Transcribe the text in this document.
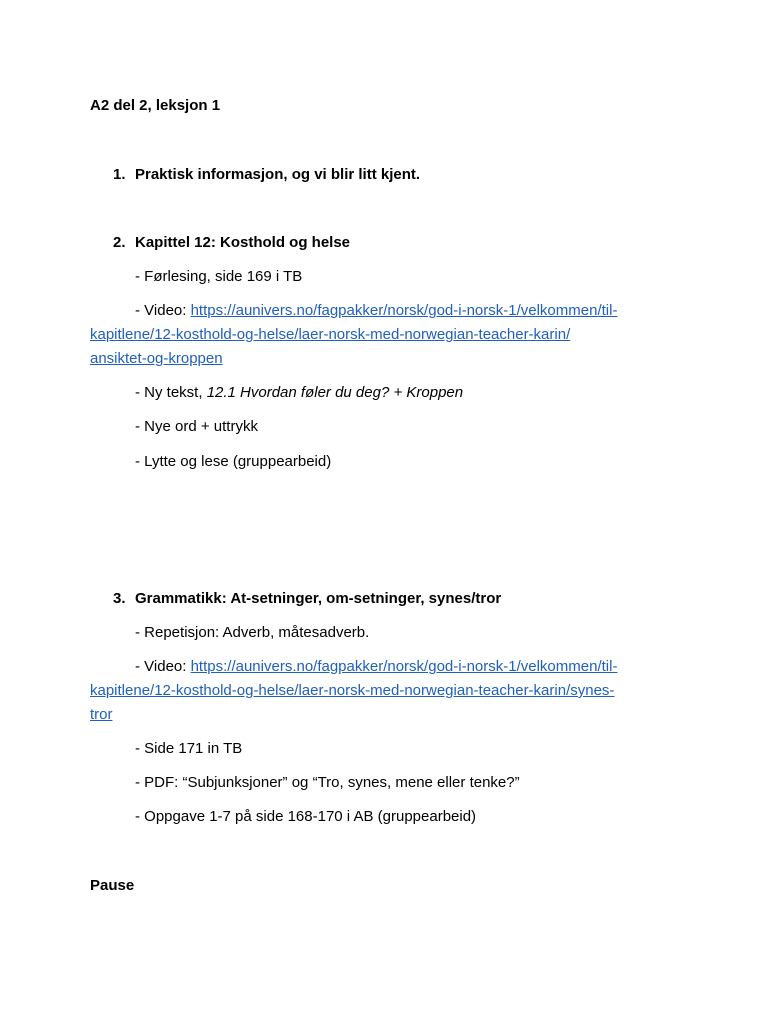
A2 del 2, leksjon 1
1. Praktisk informasjon, og vi blir litt kjent.
2. Kapittel 12: Kosthold og helse
- Førlesing, side 169 i TB
- Video: https://aunivers.no/fagpakker/norsk/god-i-norsk-1/velkommen/til-
kapitlene/12-kosthold-og-helse/laer-norsk-med-norwegian-teacher-karin/
ansiktet-og-kroppen
- Ny tekst, 12.1 Hvordan føler du deg? + Kroppen
- Nye ord + uttrykk
- Lytte og lese (gruppearbeid)
3. Grammatikk: At-setninger, om-setninger, synes/tror
- Repetisjon: Adverb, måtesadverb.
- Video: https://aunivers.no/fagpakker/norsk/god-i-norsk-1/velkommen/til-
kapitlene/12-kosthold-og-helse/laer-norsk-med-norwegian-teacher-karin/synes-
tror
- Side 171 in TB
- PDF: “Subjunksjoner” og “Tro, synes, mene eller tenke?”
- Oppgave 1-7 på side 168-170 i AB (gruppearbeid)
Pause
